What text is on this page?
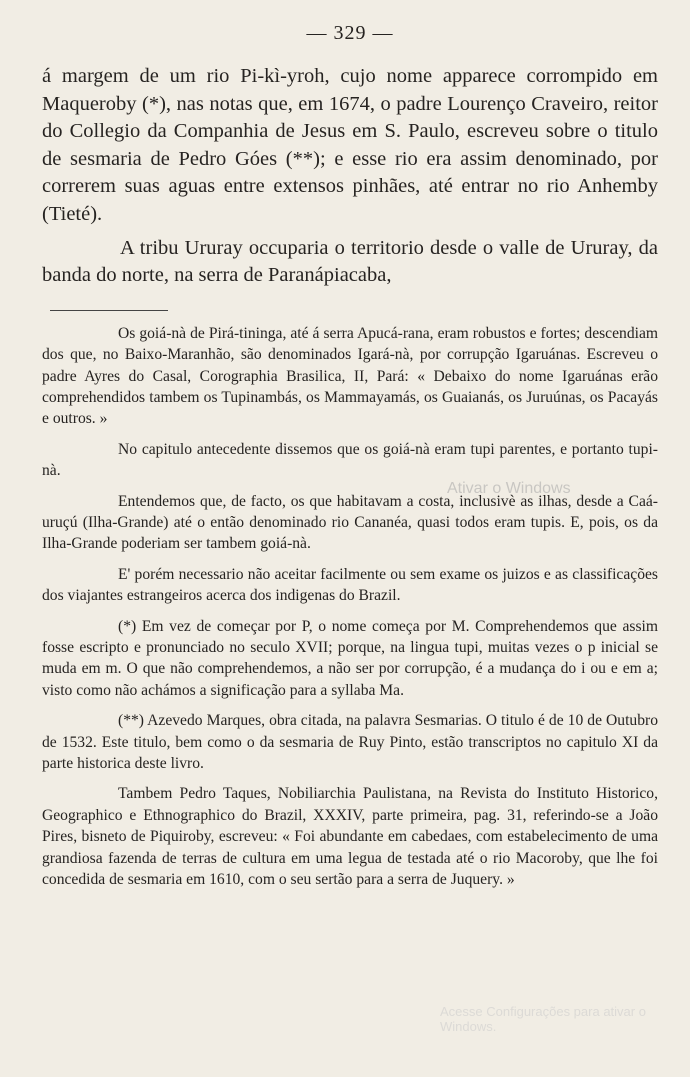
— 329 —

á margem de um rio Pi-kì-yroh, cujo nome apparece corrompido em Maqueroby (*), nas notas que, em 1674, o padre Lourenço Craveiro, reitor do Collegio da Companhia de Jesus em S. Paulo, escreveu sobre o titulo de sesmaria de Pedro Góes (**); e esse rio era assim denominado, por correrem suas aguas entre extensos pinhães, até entrar no rio Anhemby (Tieté).

A tribu Ururay occuparia o territorio desde o valle de Ururay, da banda do norte, na serra de Paranápiacaba,

Os goiá-nà de Pirá-tininga, até á serra Apucá-rana, eram robustos e fortes; descendiam dos que, no Baixo-Maranhão, são denominados Igará-nà, por corrupção Igaruánas. Escreveu o padre Ayres do Casal, Corographia Brasilica, II, Pará: « Debaixo do nome Igaruánas erão comprehendidos tambem os Tupinambás, os Mammayamás, os Guaianás, os Juruúnas, os Pacayás e outros. »

No capitulo antecedente dissemos que os goiá-nà eram tupi parentes, e portanto tupi-nà.

Entendemos que, de facto, os que habitavam a costa, inclusivè as ilhas, desde a Caá-uruçú (Ilha-Grande) até o então denominado rio Cananéa, quasi todos eram tupis. E, pois, os da Ilha-Grande poderiam ser tambem goiá-nà.

E' porém necessario não aceitar facilmente ou sem exame os juizos e as classificações dos viajantes estrangeiros acerca dos indigenas do Brazil.

(*) Em vez de começar por P, o nome começa por M. Comprehendemos que assim fosse escripto e pronunciado no seculo XVII; porque, na lingua tupi, muitas vezes o p inicial se muda em m. O que não comprehendemos, a não ser por corrupção, é a mudança do i ou e em a; visto como não achámos a significação para a syllaba Ma.

(**) Azevedo Marques, obra citada, na palavra Sesmarias. O titulo é de 10 de Outubro de 1532. Este titulo, bem como o da sesmaria de Ruy Pinto, estão transcriptos no capitulo XI da parte historica deste livro.

Tambem Pedro Taques, Nobiliarchia Paulistana, na Revista do Instituto Historico, Geographico e Ethnographico do Brazil, XXXIV, parte primeira, pag. 31, referindo-se a João Pires, bisneto de Piquiroby, escreveu: « Foi abundante em cabedaes, com estabelecimento de uma grandiosa fazenda de terras de cultura em uma legua de testada até o rio Macoroby, que lhe foi concedida de sesmaria em 1610, com o seu sertão para a serra de Juquery. »

Ativar o Windows
Acesse Configurações para ativar o Windows.
